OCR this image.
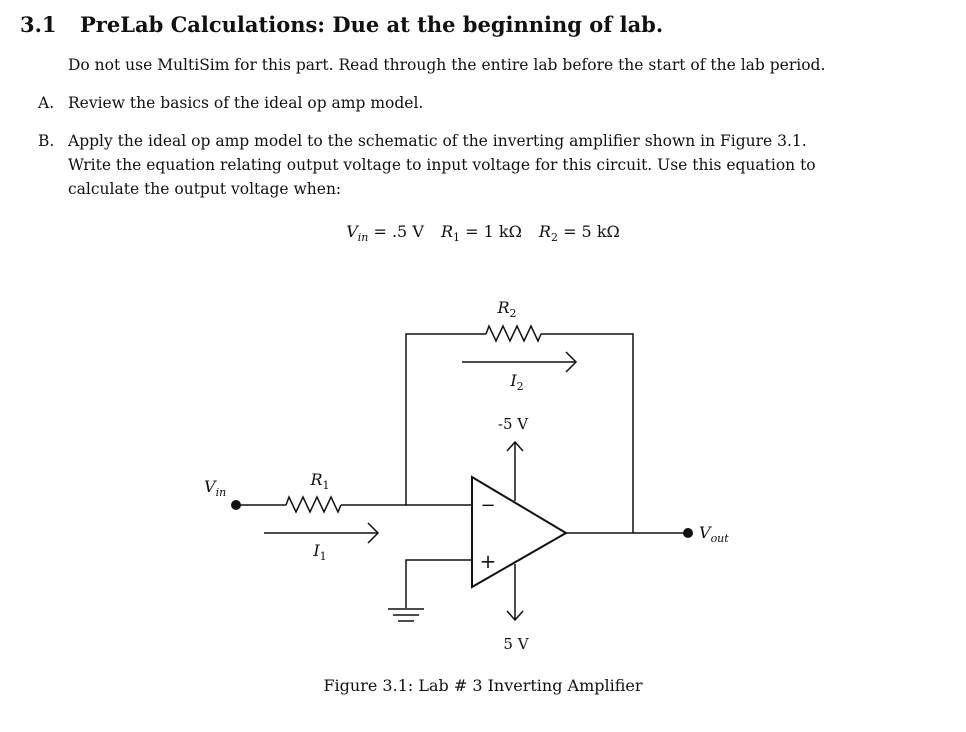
3.1 PreLab Calculations: Due at the beginning of lab.
Do not use MultiSim for this part. Read through the entire lab before the start of the lab period.
A. Review the basics of the ideal op amp model.
B. Apply the ideal op amp model to the schematic of the inverting amplifier shown in Figure 3.1.
Write the equation relating output voltage to input voltage for this circuit. Use this equation to
calculate the output voltage when:
$V_{in} = .5$ V $R_1 = 1$ kΩ $R_2 = 5$ kΩ
−
+
$R_2$
$I_2$
-5 V
$R_1$
$I_1$
$V_{in}$
$V_{out}$
5 V
Figure 3.1: Lab # 3 Inverting Amplifier
